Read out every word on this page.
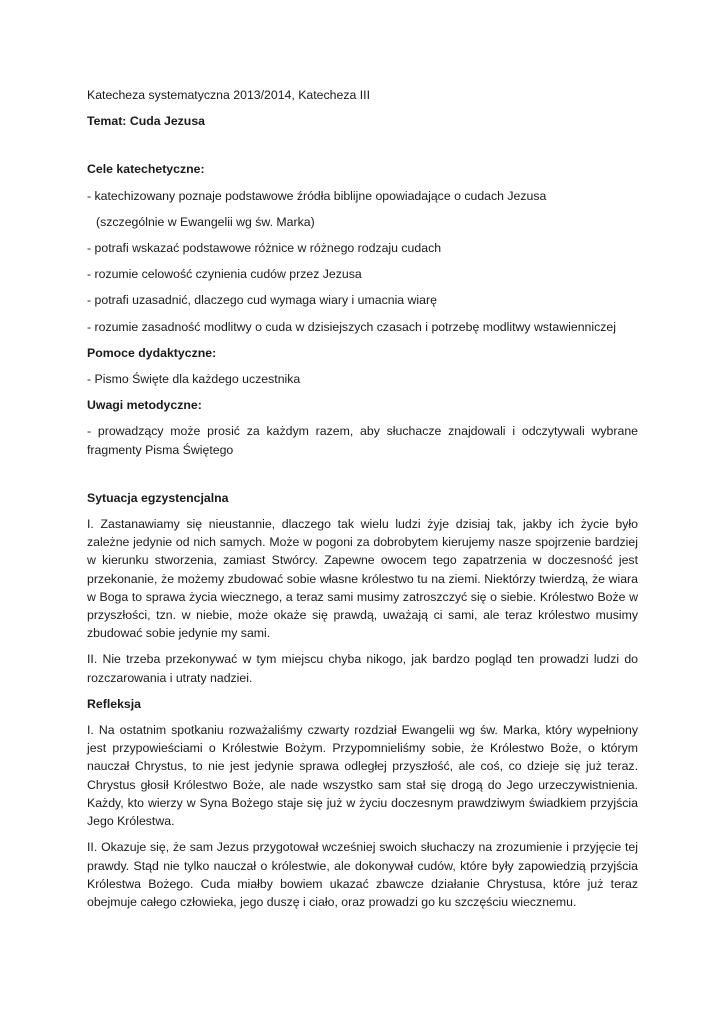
Katecheza systematyczna 2013/2014, Katecheza III

Temat: Cuda Jezusa

Cele katechetyczne:

- katechizowany poznaje podstawowe źródła biblijne opowiadające o cudach Jezusa

(szczególnie w Ewangelii wg św. Marka)

- potrafi wskazać podstawowe różnice w różnego rodzaju cudach

- rozumie celowość czynienia cudów przez Jezusa

- potrafi uzasadnić, dlaczego cud wymaga wiary i umacnia wiarę

- rozumie zasadność modlitwy o cuda w dzisiejszych czasach i potrzebę modlitwy wstawienniczej

Pomoce dydaktyczne:

- Pismo Święte dla każdego uczestnika

Uwagi metodyczne:

- prowadzący może prosić za każdym razem, aby słuchacze znajdowali i odczytywali wybrane fragmenty Pisma Świętego

Sytuacja egzystencjalna

I. Zastanawiamy się nieustannie, dlaczego tak wielu ludzi żyje dzisiaj tak, jakby ich życie było zależne jedynie od nich samych. Może w pogoni za dobrobytem kierujemy nasze spojrzenie bardziej w kierunku stworzenia, zamiast Stwórcy. Zapewne owocem tego zapatrzenia w doczesność jest przekonanie, że możemy zbudować sobie własne królestwo tu na ziemi. Niektórzy twierdzą, że wiara w Boga to sprawa życia wiecznego, a teraz sami musimy zatroszczyć się o siebie. Królestwo Boże w przyszłości, tzn. w niebie, może okaże się prawdą, uważają ci sami, ale teraz królestwo musimy zbudować sobie jedynie my sami.

II. Nie trzeba przekonywać w tym miejscu chyba nikogo, jak bardzo pogląd ten prowadzi ludzi do rozczarowania i utraty nadziei.

Refleksja

I. Na ostatnim spotkaniu rozważaliśmy czwarty rozdział Ewangelii wg św. Marka, który wypełniony jest przypowieściami o Królestwie Bożym. Przypomnieliśmy sobie, że Królestwo Boże, o którym nauczał Chrystus, to nie jest jedynie sprawa odległej przyszłość, ale coś, co dzieje się już teraz. Chrystus głosił Królestwo Boże, ale nade wszystko sam stał się drogą do Jego urzeczywistnienia. Każdy, kto wierzy w Syna Bożego staje się już w życiu doczesnym prawdziwym świadkiem przyjścia Jego Królestwa.

II. Okazuje się, że sam Jezus przygotował wcześniej swoich słuchaczy na zrozumienie i przyjęcie tej prawdy. Stąd nie tylko nauczał o królestwie, ale dokonywał cudów, które były zapowiedzią przyjścia Królestwa Bożego. Cuda miałby bowiem ukazać zbawcze działanie Chrystusa, które już teraz obejmuje całego człowieka, jego duszę i ciało, oraz prowadzi go ku szczęściu wiecznemu.
